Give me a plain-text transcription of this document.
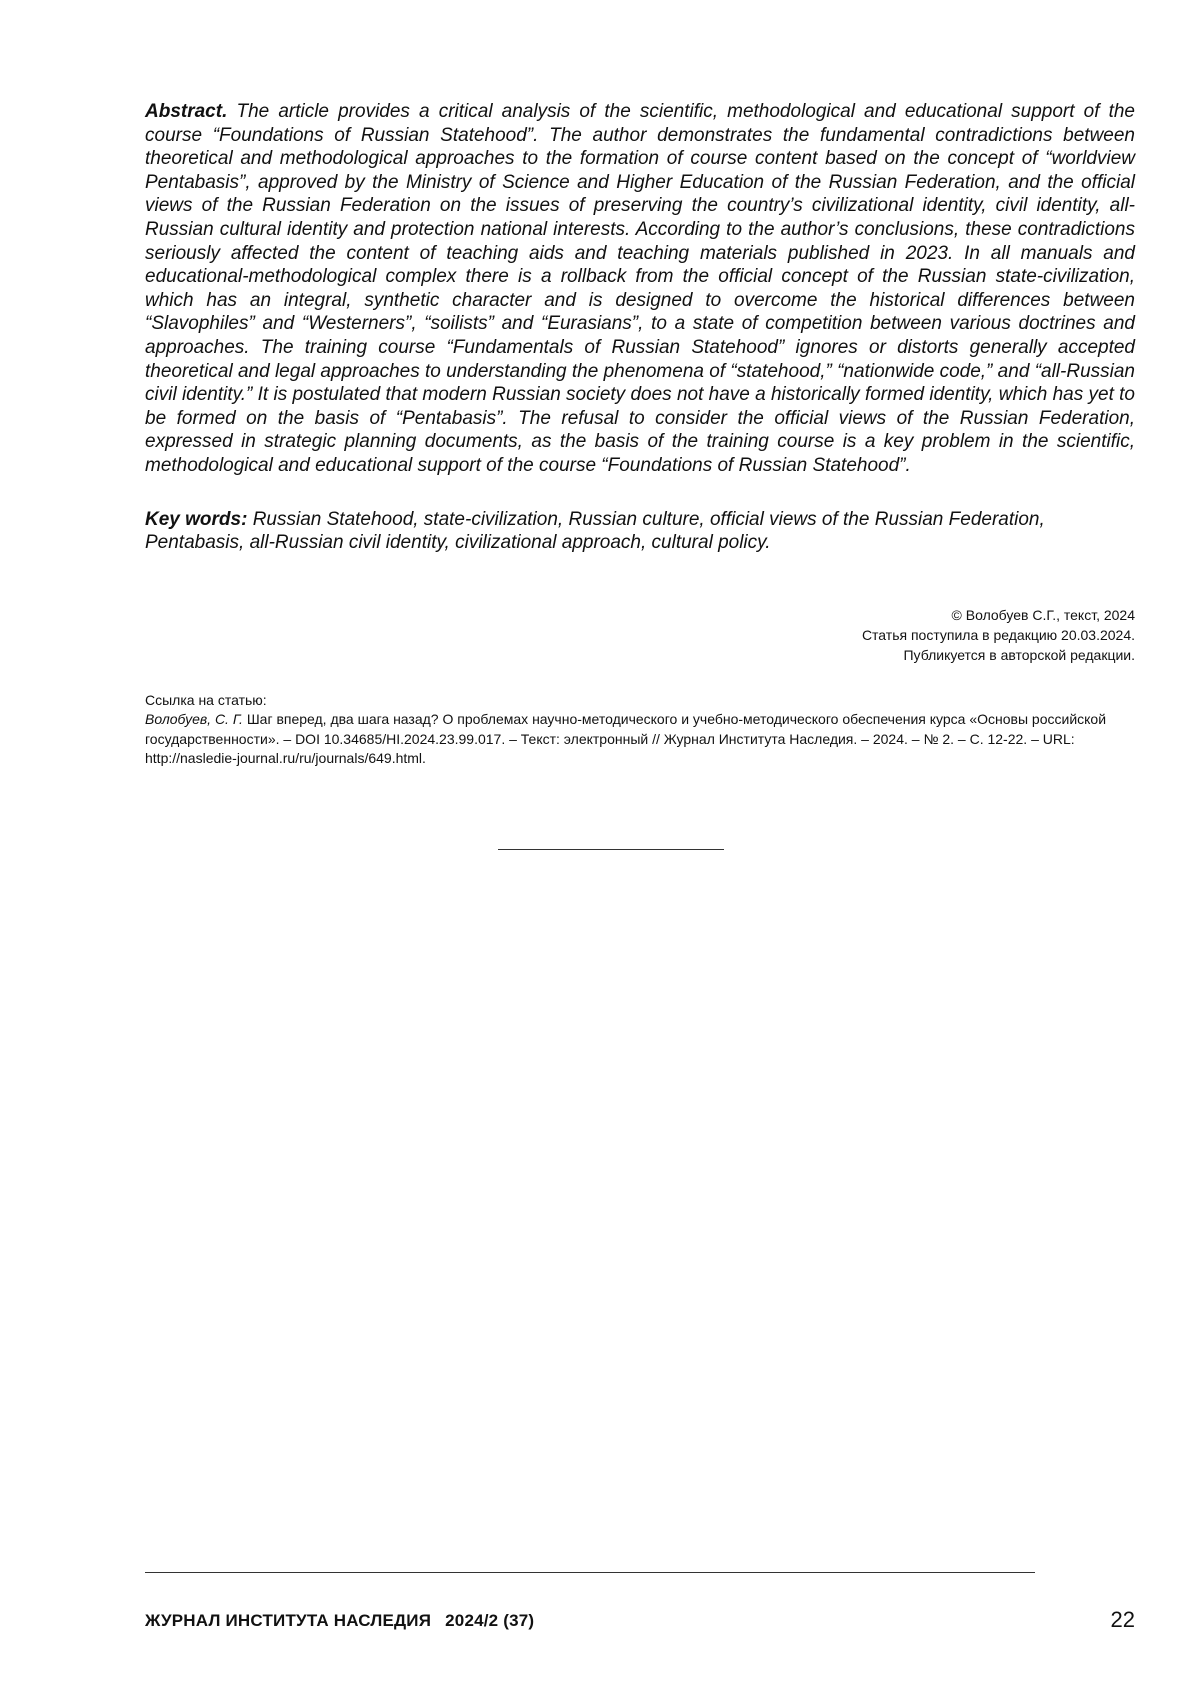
Abstract. The article provides a critical analysis of the scientific, methodological and educational support of the course “Foundations of Russian Statehood”. The author demonstrates the fundamental contradictions between theoretical and methodological approaches to the formation of course content based on the concept of “worldview Pentabasis”, approved by the Ministry of Science and Higher Education of the Russian Federation, and the official views of the Russian Federation on the issues of preserving the country’s civilizational identity, civil identity, all-Russian cultural identity and protection national interests. According to the author’s conclusions, these contradictions seriously affected the content of teaching aids and teaching materials published in 2023. In all manuals and educational-methodological complex there is a rollback from the official concept of the Russian state-civilization, which has an integral, synthetic character and is designed to overcome the historical differences between “Slavophiles” and “Westerners”, “soilists” and “Eurasians”, to a state of competition between various doctrines and approaches. The training course “Fundamentals of Russian Statehood” ignores or distorts generally accepted theoretical and legal approaches to understanding the phenomena of “statehood,” “nationwide code,” and “all-Russian civil identity.” It is postulated that modern Russian society does not have a historically formed identity, which has yet to be formed on the basis of “Pentabasis”. The refusal to consider the official views of the Russian Federation, expressed in strategic planning documents, as the basis of the training course is a key problem in the scientific, methodological and educational support of the course “Foundations of Russian Statehood”.

Key words: Russian Statehood, state-civilization, Russian culture, official views of the Russian Federation, Pentabasis, all-Russian civil identity, civilizational approach, cultural policy.

© Волобуев С.Г., текст, 2024
Статья поступила в редакцию 20.03.2024.
Публикуется в авторской редакции.
Ссылка на статью:
Волобуев, С. Г. Шаг вперед, два шага назад? О проблемах научно-методического и учебно-методического обеспечения курса «Основы российской государственности». – DOI 10.34685/HI.2024.23.99.017. – Текст: электронный // Журнал Института Наследия. – 2024. – № 2. – С. 12-22. – URL: http://nasledie-journal.ru/ru/journals/649.html.
ЖУРНАЛ ИНСТИТУТА НАСЛЕДИЯ 2024/2 (37)	22
